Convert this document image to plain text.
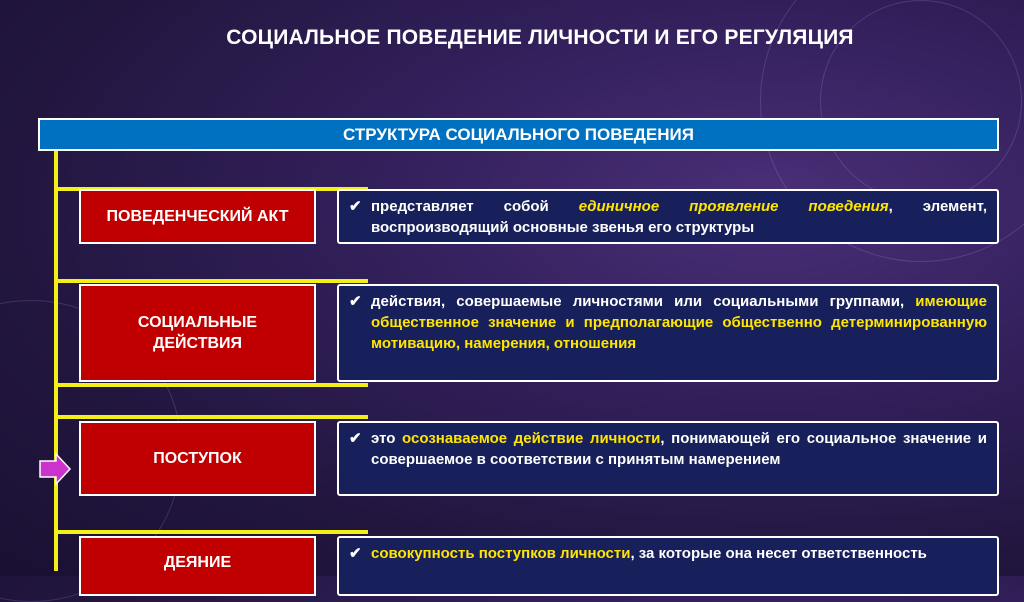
СОЦИАЛЬНОЕ ПОВЕДЕНИЕ ЛИЧНОСТИ И ЕГО РЕГУЛЯЦИЯ
СТРУКТУРА СОЦИАЛЬНОГО ПОВЕДЕНИЯ
ПОВЕДЕНЧЕСКИЙ АКТ
✔ представляет собой единичное проявление поведения, элемент, воспроизводящий основные звенья его структуры
СОЦИАЛЬНЫЕ ДЕЙСТВИЯ
✔ действия, совершаемые личностями или социальными группами, имеющие общественное значение и предполагающие общественно детерминированную мотивацию, намерения, отношения
ПОСТУПОК
✔ это осознаваемое действие личности, понимающей его социальное значение и совершаемое в соответствии с принятым намерением
ДЕЯНИЕ
✔ совокупность поступков личности, за которые она несет ответственность
